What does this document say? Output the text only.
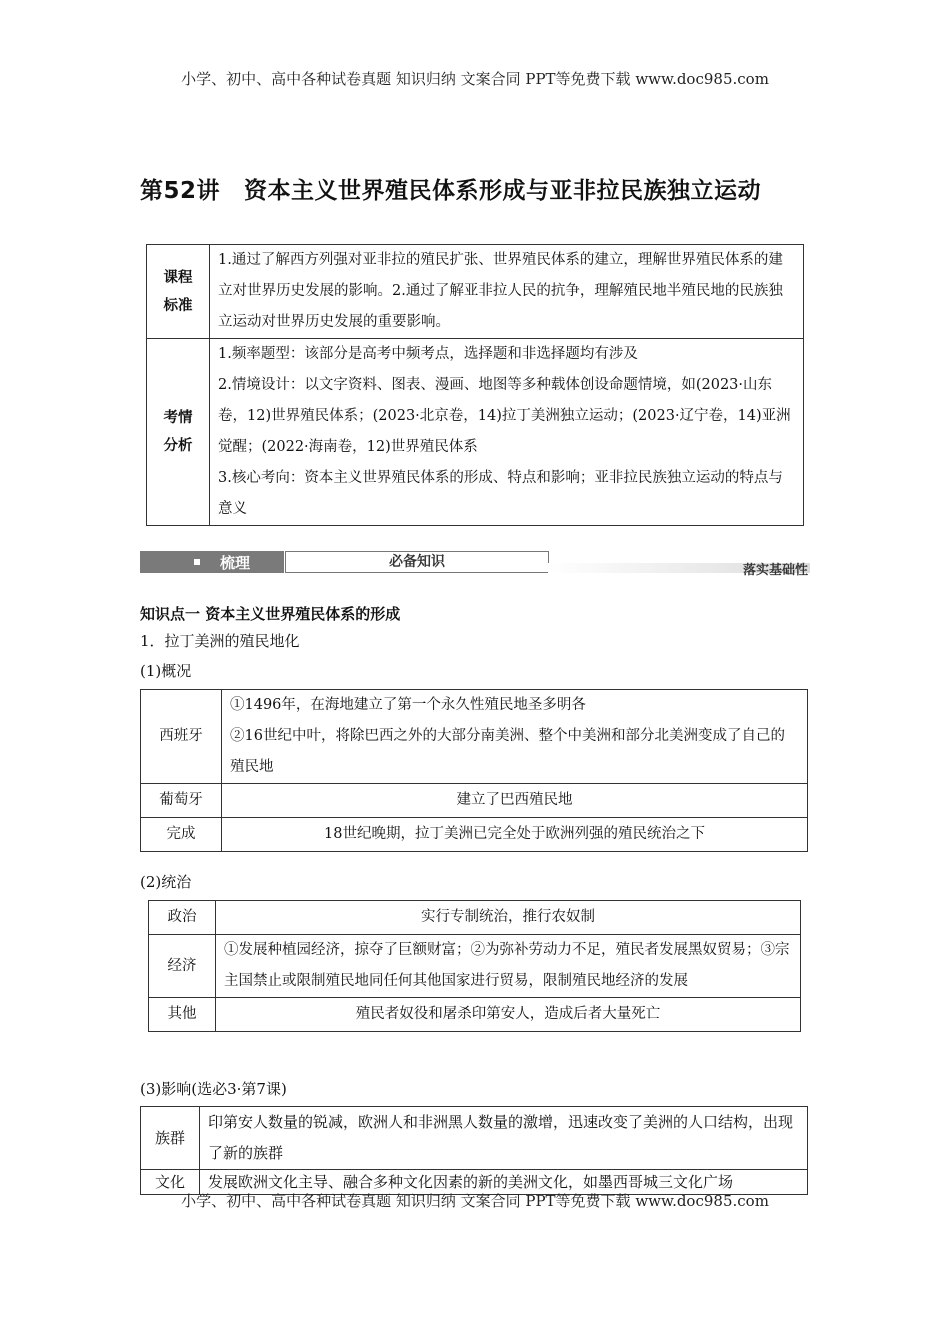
小学、初中、高中各种试卷真题 知识归纳 文案合同 PPT等免费下载 www.doc985.com
第52讲 资本主义世界殖民体系形成与亚非拉民族独立运动
课程标准	1.通过了解西方列强对亚非拉的殖民扩张、世界殖民体系的建立，理解世界殖民体系的建立对世界历史发展的影响。2.通过了解亚非拉人民的抗争，理解殖民地半殖民地的民族独立运动对世界历史发展的重要影响。

考情分析	1.频率题型：该部分是高考中频考点，选择题和非选择题均有涉及
2.情境设计：以文字资料、图表、漫画、地图等多种载体创设命题情境，如(2023·山东卷，12)世界殖民体系；(2023·北京卷，14)拉丁美洲独立运动；(2023·辽宁卷，14)亚洲觉醒；(2022·海南卷，12)世界殖民体系
3.核心考向：资本主义世界殖民体系的形成、特点和影响；亚非拉民族独立运动的特点与意义
梳理	必备知识
落实基础性
知识点一 资本主义世界殖民体系的形成
1．拉丁美洲的殖民地化
(1)概况
西班牙	①1496年，在海地建立了第一个永久性殖民地圣多明各
②16世纪中叶，将除巴西之外的大部分南美洲、整个中美洲和部分北美洲变成了自己的殖民地

葡萄牙	建立了巴西殖民地
完成	18世纪晚期，拉丁美洲已完全处于欧洲列强的殖民统治之下
(2)统治
政治	实行专制统治，推行农奴制
经济	①发展种植园经济，掠夺了巨额财富；②为弥补劳动力不足，殖民者发展黑奴贸易；③宗主国禁止或限制殖民地同任何其他国家进行贸易，限制殖民地经济的发展
其他	殖民者奴役和屠杀印第安人，造成后者大量死亡
(3)影响(选必3·第7课)
族群	印第安人数量的锐减，欧洲人和非洲黑人数量的激增，迅速改变了美洲的人口结构，出现了新的族群
文化	发展欧洲文化主导、融合多种文化因素的新的美洲文化，如墨西哥城三文化广场
小学、初中、高中各种试卷真题 知识归纳 文案合同 PPT等免费下载 www.doc985.com
